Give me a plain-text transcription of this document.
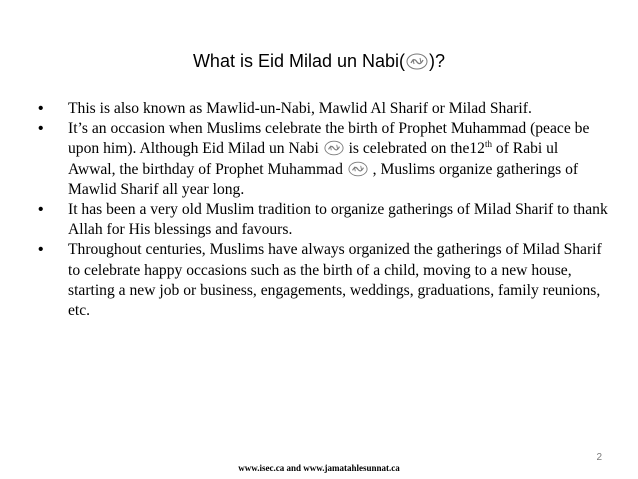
What is Eid Milad un Nabi( )?
• This is also known as Mawlid-un-Nabi, Mawlid Al Sharif or Milad Sharif.
• It’s an occasion when Muslims celebrate the birth of Prophet Muhammad (peace be upon him). Although Eid Milad un Nabi
is celebrated on the12th of Rabi ul Awwal, the birthday of Prophet Muhammad
, Muslims organize gatherings of Mawlid Sharif all year long.
• It has been a very old Muslim tradition to organize gatherings of Milad Sharif to thank Allah for His blessings and favours.
• Throughout centuries, Muslims have always organized the gatherings of Milad Sharif to celebrate happy occasions such as the birth of a child, moving to a new house, starting a new job or business, engagements, weddings, graduations, family reunions, etc.
2
www.isec.ca and www.jamatahlesunnat.ca
